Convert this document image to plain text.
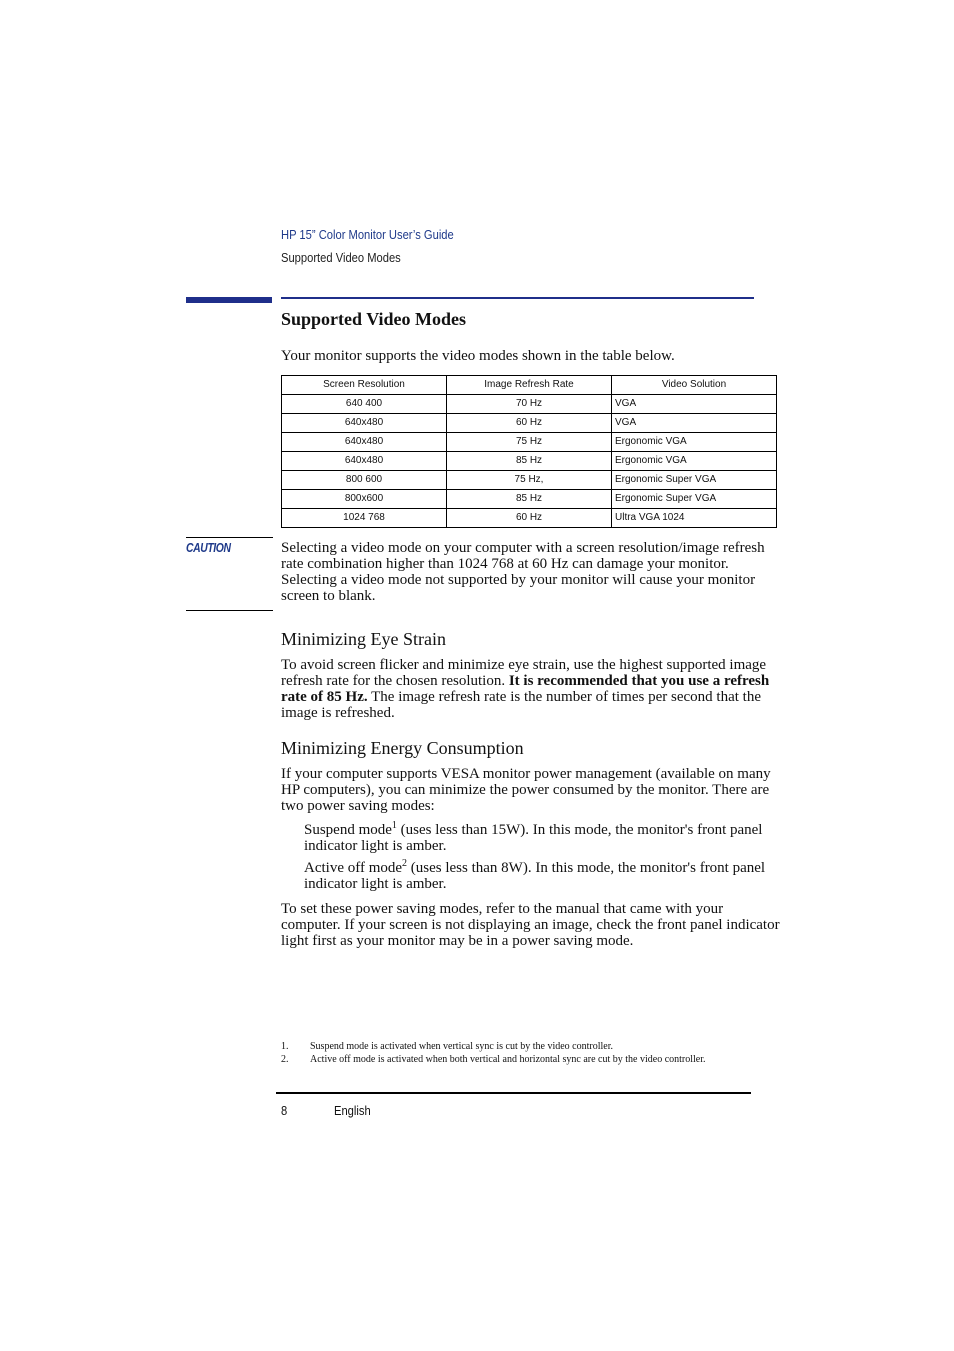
HP 15” Color Monitor User’s Guide
Supported Video Modes
Supported Video Modes
Your monitor supports the video modes shown in the table below.
Screen Resolution	Image Refresh Rate	Video Solution
640 400	70 Hz	VGA
640x480	60 Hz	VGA
640x480	75 Hz	Ergonomic VGA
640x480	85 Hz	Ergonomic VGA
800 600	75 Hz,	Ergonomic Super VGA
800x600	85 Hz	Ergonomic Super VGA
1024 768	60 Hz	Ultra VGA 1024
CAUTION	Selecting a video mode on your computer with a screen resolution/image refresh rate combination higher than 1024 768 at 60 Hz can damage your monitor. Selecting a video mode not supported by your monitor will cause your monitor screen to blank.
Minimizing Eye Strain
To avoid screen flicker and minimize eye strain, use the highest supported image refresh rate for the chosen resolution. It is recommended that you use a refresh rate of 85 Hz. The image refresh rate is the number of times per second that the image is refreshed.
Minimizing Energy Consumption
If your computer supports VESA monitor power management (available on many HP computers), you can minimize the power consumed by the monitor. There are two power saving modes:
Suspend mode$^1$ (uses less than 15W). In this mode, the monitor's front panel indicator light is amber.
Active off mode$^2$ (uses less than 8W). In this mode, the monitor's front panel indicator light is amber.
To set these power saving modes, refer to the manual that came with your computer. If your screen is not displaying an image, check the front panel indicator light first as your monitor may be in a power saving mode.
1.	Suspend mode is activated when vertical sync is cut by the video controller.
2.	Active off mode is activated when both vertical and horizontal sync are cut by the video controller.
8	English
